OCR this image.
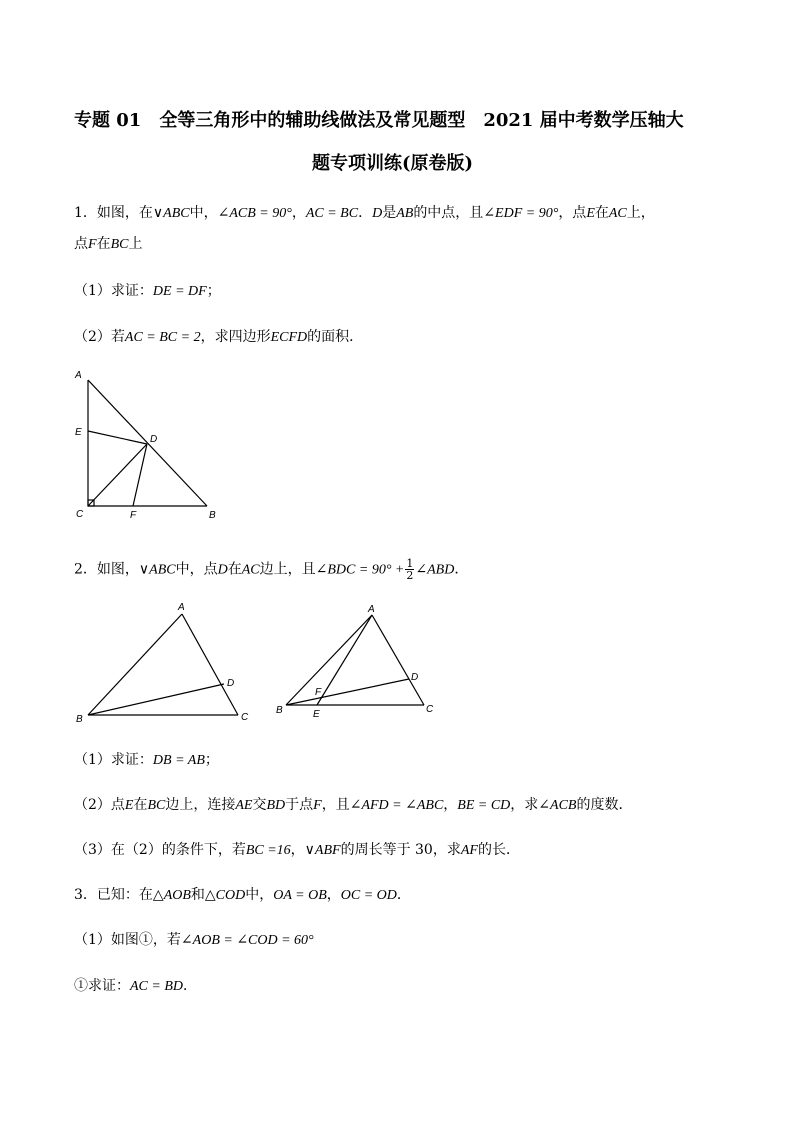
专题 01　全等三角形中的辅助线做法及常见题型　2021 届中考数学压轴大
题专项训练(原卷版)
1．如图，在∨ABC中，∠ACB = 90°，AC = BC．D是AB的中点，且∠EDF = 90°，点E在AC上，
点F在BC上
（1）求证：DE = DF；
（2）若AC = BC = 2，求四边形ECFD的面积．
A
E
D
C	F	B
2．如图，∨ABC中，点D在AC边上，且∠BDC = $90^\circ + \frac{1}{2}$ ∠ABD．
A
D
B	C
A
D
F
B	E	C
（1）求证：DB = AB；
（2）点E在BC边上，连接AE交BD于点F，且∠AFD = ∠ABC，BE = CD，求∠ACB的度数．
（3）在（2）的条件下，若BC =16，∨ABF的周长等于 30，求AF的长．
3．已知：在△AOB和△COD中，OA = OB，OC = OD．
（1）如图①，若∠AOB = ∠COD = 60°
①求证：AC = BD．
